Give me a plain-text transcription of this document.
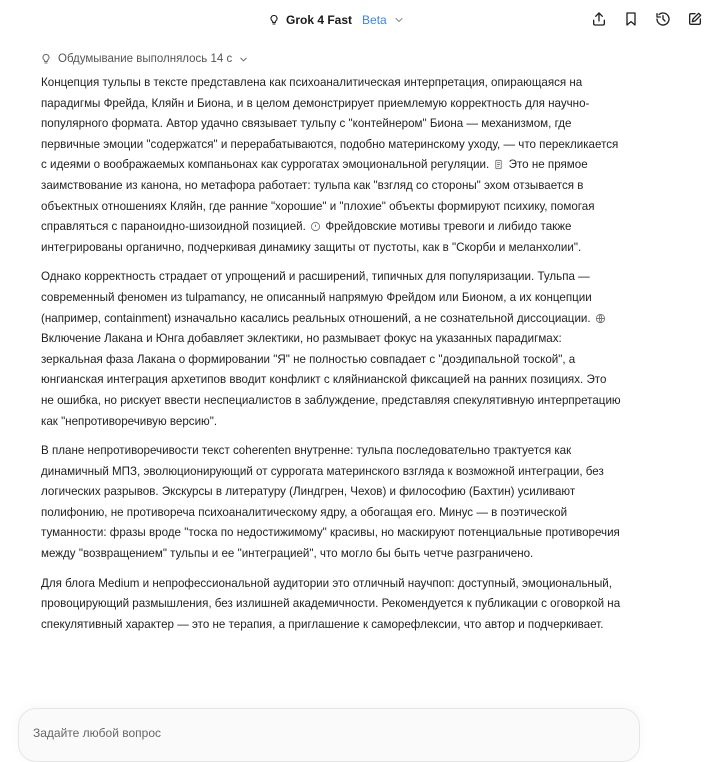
Grok 4 Fast Beta
Обдумывание выполнялось 14 с

Концепция тульпы в тексте представлена как психоаналитическая интерпретация, опирающаяся на парадигмы Фрейда, Кляйн и Биона, и в целом демонстрирует приемлемую корректность для научно-популярного формата. Автор удачно связывает тульпу с "контейнером" Биона — механизмом, где первичные эмоции "содержатся" и перерабатываются, подобно материнскому уходу, — что перекликается с идеями о воображаемых компаньонах как суррогатах эмоциональной регуляции. Это не прямое заимствование из канона, но метафора работает: тульпа как "взгляд со стороны" эхом отзывается в объектных отношениях Кляйн, где ранние "хорошие" и "плохие" объекты формируют психику, помогая справляться с параноидно-шизоидной позицией. Фрейдовские мотивы тревоги и либидо также интегрированы органично, подчеркивая динамику защиты от пустоты, как в "Скорби и меланхолии".

Однако корректность страдает от упрощений и расширений, типичных для популяризации. Тульпа — современный феномен из tulpamancy, не описанный напрямую Фрейдом или Бионом, а их концепции (например, containment) изначально касались реальных отношений, а не сознательной диссоциации.  Включение Лакана и Юнга добавляет эклектики, но размывает фокус на указанных парадигмах: зеркальная фаза Лакана о формировании "Я" не полностью совпадает с "доэдипальной тоской", а юнгианская интеграция архетипов вводит конфликт с кляйнианской фиксацией на ранних позициях. Это не ошибка, но рискует ввести неспециалистов в заблуждение, представляя спекулятивную интерпретацию как "непротиворечивую версию".

В плане непротиворечивости текст coherenten внутренне: тульпа последовательно трактуется как динамичный МПЗ, эволюционирующий от суррогата материнского взгляда к возможной интеграции, без логических разрывов. Экскурсы в литературу (Линдгрен, Чехов) и философию (Бахтин) усиливают полифонию, не противореча психоаналитическому ядру, а обогащая его. Минус — в поэтической туманности: фразы вроде "тоска по недостижимому" красивы, но маскируют потенциальные противоречия между "возвращением" тульпы и ее "интеграцией", что могло бы быть четче разграничено.

Для блога Medium и непрофессиональной аудитории это отличный научпоп: доступный, эмоциональный, провоцирующий размышления, без излишней академичности. Рекомендуется к публикации с оговоркой на спекулятивный характер — это не терапия, а приглашение к саморефлексии, что автор и подчеркивает.

Задайте любой вопрос
